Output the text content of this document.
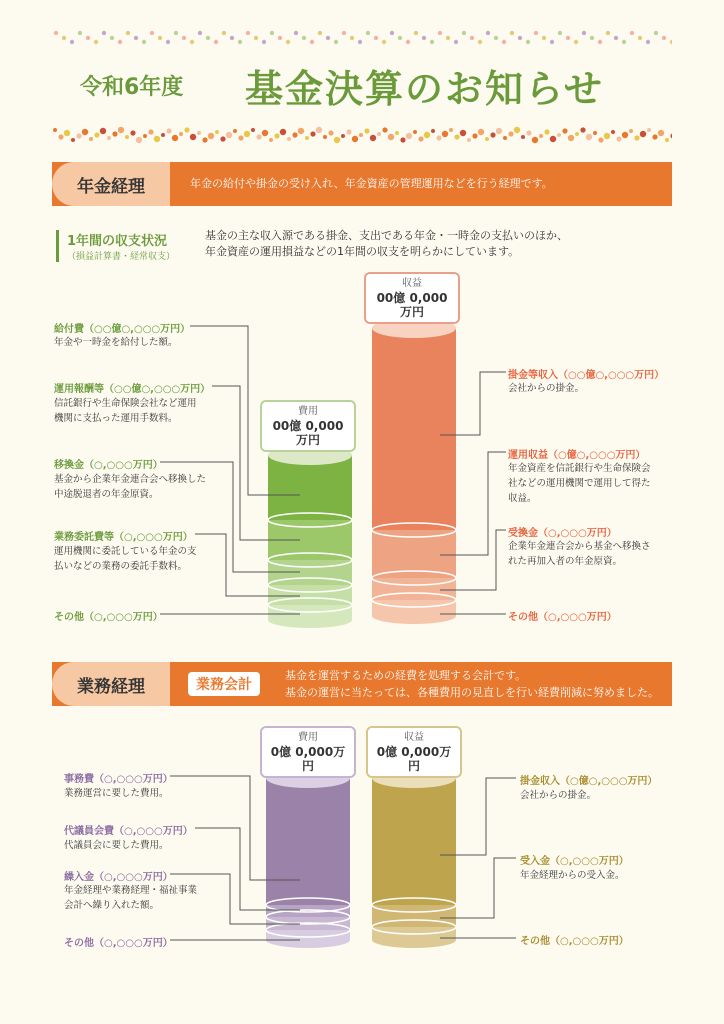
令和6年度 基金決算のお知らせ
年金経理	年金の給付や掛金の受け入れ、年金資産の管理運用などを行う経理です。
1年間の収支状況
（損益計算書・経常収支）
基金の主な収入源である掛金、支出である年金・一時金の支払いのほか、
年金資産の運用損益などの1年間の収支を明らかにしています。
収益
00億 0,000万円
費用
00億 0,000万円
給付費（○○億○,○○○万円）
年金や一時金を給付した額。
運用報酬等（○○億○,○○○万円）
信託銀行や生命保険会社など運用
機関に支払った運用手数料。
移換金（○,○○○万円）
基金から企業年金連合会へ移換した
中途脱退者の年金原資。
業務委託費等（○,○○○万円）
運用機関に委託している年金の支
払いなどの業務の委託手数料。
その他（○,○○○万円）
掛金等収入（○○億○,○○○万円）
会社からの掛金。
運用収益（○億○,○○○万円）
年金資産を信託銀行や生命保険会
社などの運用機関で運用して得た
収益。
受換金（○,○○○万円）
企業年金連合会から基金へ移換さ
れた再加入者の年金原資。
その他（○,○○○万円）
業務経理	業務会計
基金を運営するための経費を処理する会計です。
基金の運営に当たっては、各種費用の見直しを行い経費削減に努めました。
費用
0億 0,000万円
収益
0億 0,000万円
事務費（○,○○○万円）
業務運営に要した費用。
代議員会費（○,○○○万円）
代議員会に要した費用。
繰入金（○,○○○万円）
年金経理や業務経理・福祉事業
会計へ繰り入れた額。
その他（○,○○○万円）
掛金収入（○億○,○○○万円）
会社からの掛金。
受入金（○,○○○万円）
年金経理からの受入金。
その他（○,○○○万円）
